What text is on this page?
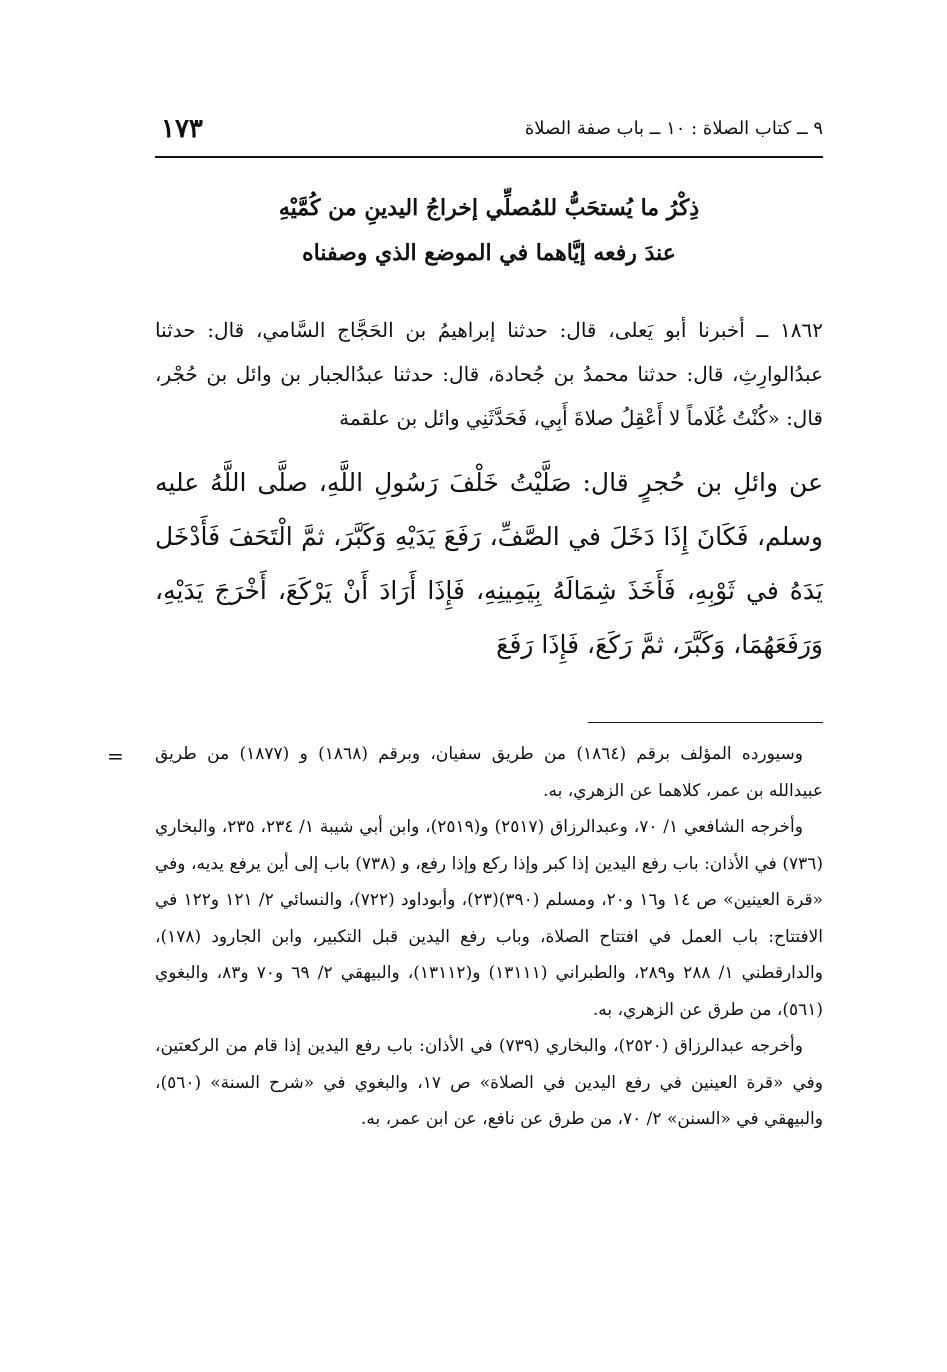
٩ ــ كتاب الصلاة : ١٠ ــ باب صفة الصلاة
١٧٣
ذِكْرُ ما يُستحَبُّ للمُصلِّي إخراجُ اليدينِ من كُمَّيْهِ
عندَ رفعه إيَّاهما في الموضع الذي وصفناه

١٨٦٢ ــ أخبرنا أبو يَعلى، قال: حدثنا إبراهيمُ بن الحَجَّاج السَّامي، قال: حدثنا عبدُالوارِثِ، قال: حدثنا محمدُ بن جُحادة، قال: حدثنا عبدُالجبار بن وائل بن حُجْر، قال: «كُنْتُ غُلَاماً لا أَعْقِلُ صلاةَ أَبِي، فَحَدَّثَنِي وائل بن علقمة

عن وائلِ بن حُجرٍ قال: صَلَّيْتُ خَلْفَ رَسُولِ اللَّهِ، صلَّى اللَّهُ عليه وسلم، فَكَانَ إِذَا دَخَلَ في الصَّفِّ، رَفَعَ يَدَيْهِ وَكَبَّرَ، ثمَّ الْتَحَفَ فَأَدْخَل يَدَهُ في ثَوْبِهِ، فَأَخَذَ شِمَالَهُ بِيَمِينِهِ، فَإِذَا أَرَادَ أَنْ يَرْكَعَ، أَخْرَجَ يَدَيْهِ، وَرَفَعَهُمَا، وَكَبَّرَ، ثمَّ رَكَعَ، فَإِذَا رَفَعَ

= وسيورده المؤلف برقم (١٨٦٤) من طريق سفيان، وبرقم (١٨٦٨) و (١٨٧٧) من طريق عبيدالله بن عمر، كلاهما عن الزهري، به.

وأخرجه الشافعي ١/ ٧٠، وعبدالرزاق (٢٥١٧) و(٢٥١٩)، وابن أبي شيبة ١/ ٢٣٤، ٢٣٥، والبخاري (٧٣٦) في الأذان: باب رفع اليدين إذا كبر وإذا ركع وإذا رفع، و (٧٣٨) باب إلى أين يرفع يديه، وفي «قرة العينين» ص ١٤ و١٦ و٢٠، ومسلم (٣٩٠)(٢٣)، وأبوداود (٧٢٢)، والنسائي ٢/ ١٢١ و١٢٢ في الافتتاح: باب العمل في افتتاح الصلاة، وباب رفع اليدين قبل التكبير، وابن الجارود (١٧٨)، والدارقطني ١/ ٢٨٨ و٢٨٩، والطبراني (١٣١١١) و(١٣١١٢)، والبيهقي ٢/ ٦٩ و٧٠ و٨٣، والبغوي (٥٦١)، من طرق عن الزهري، به.

وأخرجه عبدالرزاق (٢٥٢٠)، والبخاري (٧٣٩) في الأذان: باب رفع اليدين إذا قام من الركعتين، وفي «قرة العينين في رفع اليدين في الصلاة» ص ١٧، والبغوي في «شرح السنة» (٥٦٠)، والبيهقي في «السنن» ٢/ ٧٠، من طرق عن نافع، عن ابن عمر، به.
